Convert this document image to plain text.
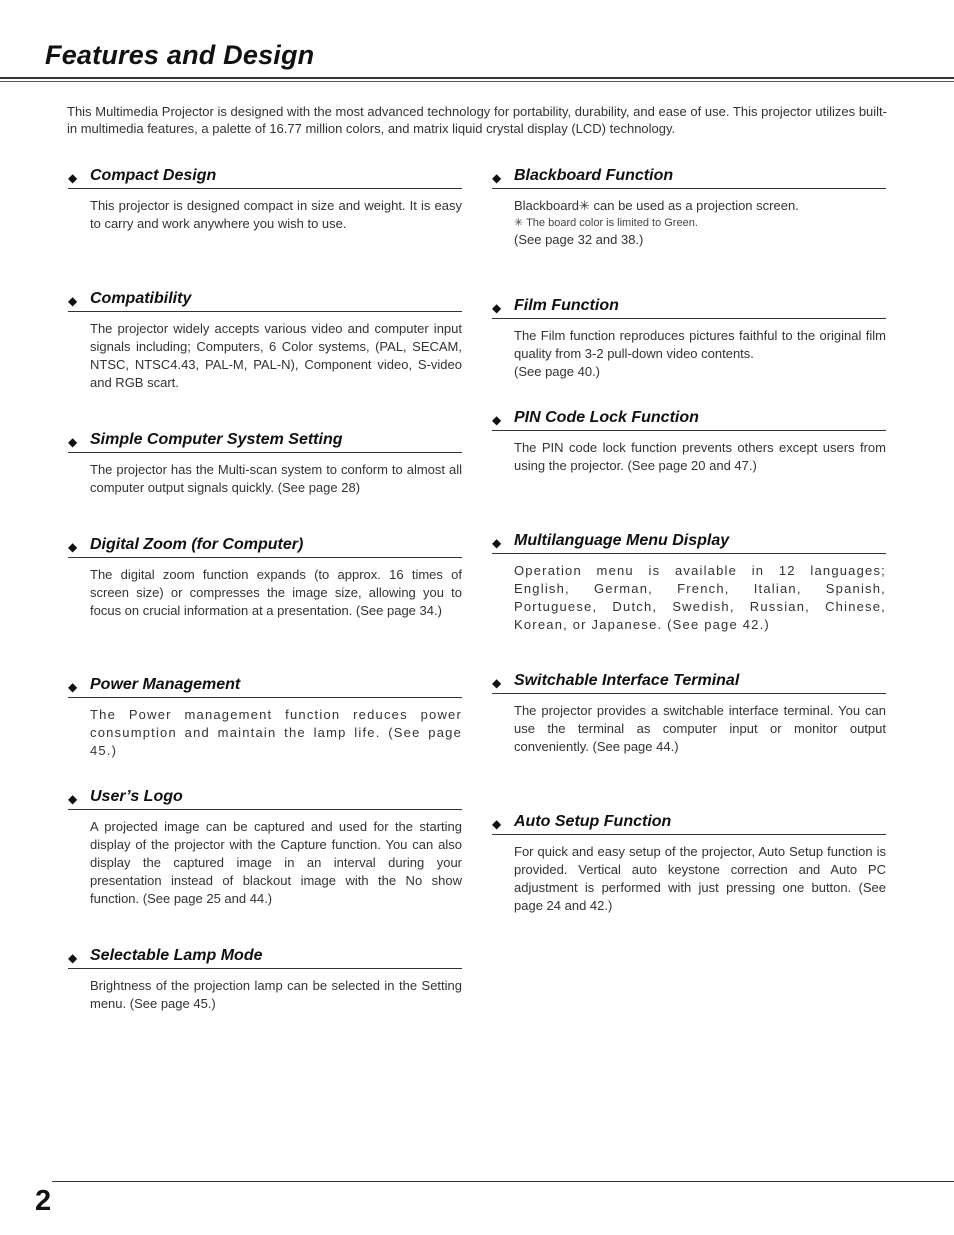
Features and Design

This Multimedia Projector is designed with the most advanced technology for portability, durability, and ease of use. This projector utilizes built-in multimedia features, a palette of 16.77 million colors, and matrix liquid crystal display (LCD) technology.

◆ Compact Design

This projector is designed compact in size and weight. It is easy to carry and work anywhere you wish to use.

◆ Compatibility

The projector widely accepts various video and computer input signals including; Computers, 6 Color systems, (PAL, SECAM, NTSC, NTSC4.43, PAL-M, PAL-N), Component video, S-video and RGB scart.

◆ Simple Computer System Setting

The projector has the Multi-scan system to conform to almost all computer output signals quickly. (See page 28)

◆ Digital Zoom (for Computer)

The digital zoom function expands (to approx. 16 times of screen size) or compresses the image size, allowing you to focus on crucial information at a presentation. (See page 34.)

◆ Power Management

The Power management function reduces power consumption and maintain the lamp life. (See page 45.)

◆ User’s Logo

A projected image can be captured and used for the starting display of the projector with the Capture function. You can also display the captured image in an interval during your presentation instead of blackout image with the No show function. (See page 25 and 44.)

◆ Selectable Lamp Mode

Brightness of the projection lamp can be selected in the Setting menu. (See page 45.)

◆ Blackboard Function

Blackboard✳ can be used as a projection screen.

✳ The board color is limited to Green.

(See page 32 and 38.)

◆ Film Function

The Film function reproduces pictures faithful to the original film quality from 3-2 pull-down video contents.

(See page 40.)

◆ PIN Code Lock Function

The PIN code lock function prevents others except users from using the projector. (See page 20 and 47.)

◆ Multilanguage Menu Display

Operation menu is available in 12 languages; English, German, French, Italian, Spanish, Portuguese, Dutch, Swedish, Russian, Chinese, Korean, or Japanese. (See page 42.)

◆ Switchable Interface Terminal

The projector provides a switchable interface terminal. You can use the terminal as computer input or monitor output conveniently. (See page 44.)

◆ Auto Setup Function

For quick and easy setup of the projector, Auto Setup function is provided. Vertical auto keystone correction and Auto PC adjustment is performed with just pressing one button. (See page 24 and 42.)

2
